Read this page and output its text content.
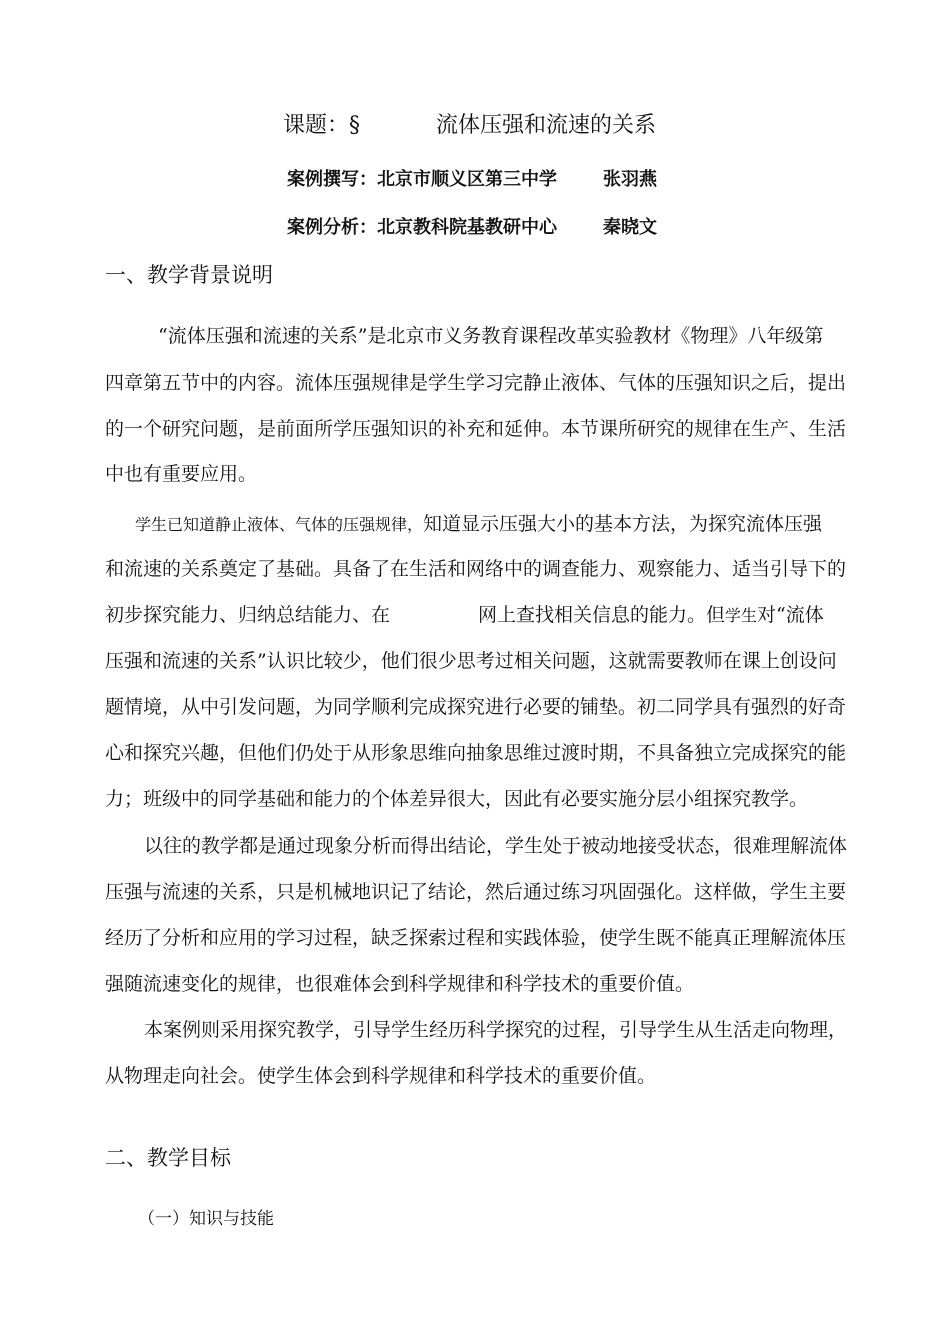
课题：§	流体压强和流速的关系
案例撰写：北京市顺义区第三中学	张羽燕
案例分析：北京教科院基教研中心	秦晓文
一、教学背景说明
“流体压强和流速的关系”是北京市义务教育课程改革实验教材《物理》八年级第
四章第五节中的内容。流体压强规律是学生学习完静止液体、气体的压强知识之后，提出
的一个研究问题，是前面所学压强知识的补充和延伸。本节课所研究的规律在生产、生活
中也有重要应用。
学生已知道静止液体、气体的压强规律，知道显示压强大小的基本方法，为探究流体压强
和流速的关系奠定了基础。具备了在生活和网络中的调查能力、观察能力、适当引导下的
初步探究能力、归纳总结能力、在	网上查找相关信息的能力。但学生对“流体
压强和流速的关系”认识比较少，他们很少思考过相关问题，这就需要教师在课上创设问
题情境，从中引发问题，为同学顺利完成探究进行必要的铺垫。初二同学具有强烈的好奇
心和探究兴趣，但他们仍处于从形象思维向抽象思维过渡时期，不具备独立完成探究的能
力；班级中的同学基础和能力的个体差异很大，因此有必要实施分层小组探究教学。
以往的教学都是通过现象分析而得出结论，学生处于被动地接受状态，很难理解流体
压强与流速的关系，只是机械地识记了结论，然后通过练习巩固强化。这样做，学生主要
经历了分析和应用的学习过程，缺乏探索过程和实践体验，使学生既不能真正理解流体压
强随流速变化的规律，也很难体会到科学规律和科学技术的重要价值。
本案例则采用探究教学，引导学生经历科学探究的过程，引导学生从生活走向物理，
从物理走向社会。使学生体会到科学规律和科学技术的重要价值。
二、教学目标
（一）知识与技能
